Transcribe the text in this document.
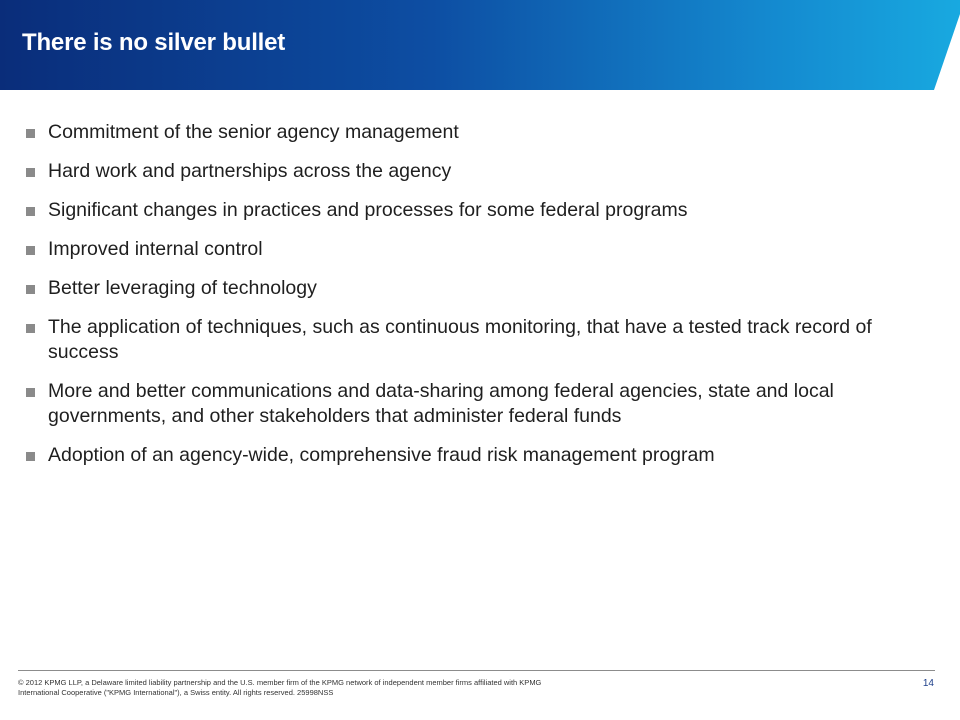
There is no silver bullet
Commitment of the senior agency management
Hard work and partnerships across the agency
Significant changes in practices and processes for some federal programs
Improved internal control
Better leveraging of technology
The application of techniques, such as continuous monitoring, that have a tested track record of success
More and better communications and data-sharing among federal agencies, state and local governments, and other stakeholders that administer federal funds
Adoption of an agency-wide, comprehensive fraud risk management program
© 2012 KPMG LLP, a Delaware limited liability partnership and the U.S. member firm of the KPMG network of independent member firms affiliated with KPMG International Cooperative ("KPMG International"), a Swiss entity. All rights reserved. 25998NSS
14
